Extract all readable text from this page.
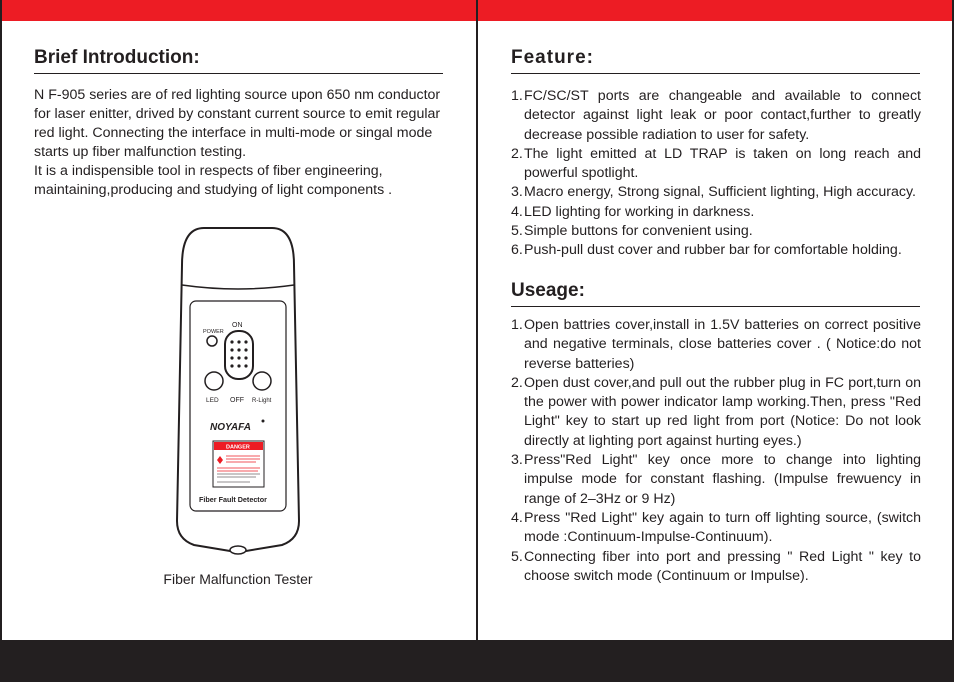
Brief Introduction:

N F-905 series are of red lighting source upon 650 nm conductor for laser enitter, drived by constant current source to emit regular red light. Connecting the interface in multi-mode or singal mode starts up fiber malfunction testing.

It is a indispensible tool in respects of fiber engineering, maintaining,producing and studying of light components .

ON
POWER
LED OFF R-Light
NOYAFA
DANGER
Fiber Fault Detector
Fiber Malfunction Tester
Feature:
1. FC/SC/ST ports are changeable and available to connect detector against light leak or poor contact,further to greatly decrease possible radiation to user for safety.
2. The light emitted at LD TRAP is taken on long reach and powerful spotlight.
3. Macro energy, Strong signal, Sufficient lighting, High accuracy.
4. LED lighting for working in darkness.
5. Simple buttons for convenient using.
6. Push-pull dust cover and rubber bar for comfortable holding.
Useage:
1. Open battries cover,install in 1.5V batteries on correct positive and negative terminals, close batteries cover . ( Notice:do not reverse batteries)
2. Open dust cover,and pull out the rubber plug in FC port,turn on the power with power indicator lamp working.Then, press "Red Light" key to start up red light from port (Notice: Do not look directly at lighting port against hurting eyes.)
3. Press"Red Light" key once more to change into lighting impulse mode for constant flashing. (Impulse frewuency in range of 2–3Hz or 9 Hz)
4. Press "Red Light" key again to turn off lighting source, (switch mode :Continuum-Impulse-Continuum).
5. Connecting fiber into port and pressing " Red Light " key to choose switch mode (Continuum or Impulse).
